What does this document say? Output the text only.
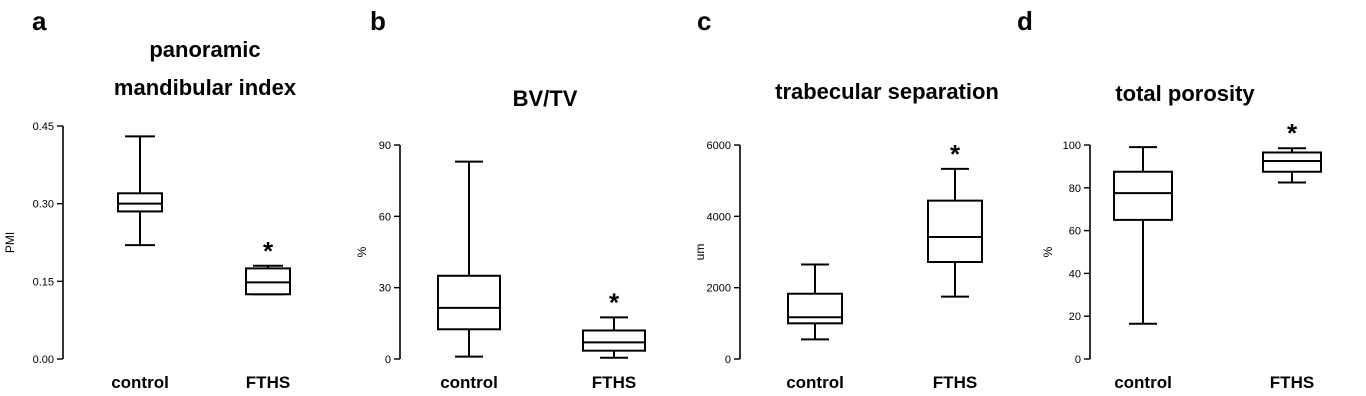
a
panoramic
mandibular index
0.00
0.15
0.30
0.45
PMI
control
*
FTHS
b
BV/TV
0
30
60
90
%
control
*
FTHS
c
trabecular separation
0
2000
4000
6000
um
control
*
FTHS
d
total porosity
0
20
40
60
80
100
%
control
*
FTHS
